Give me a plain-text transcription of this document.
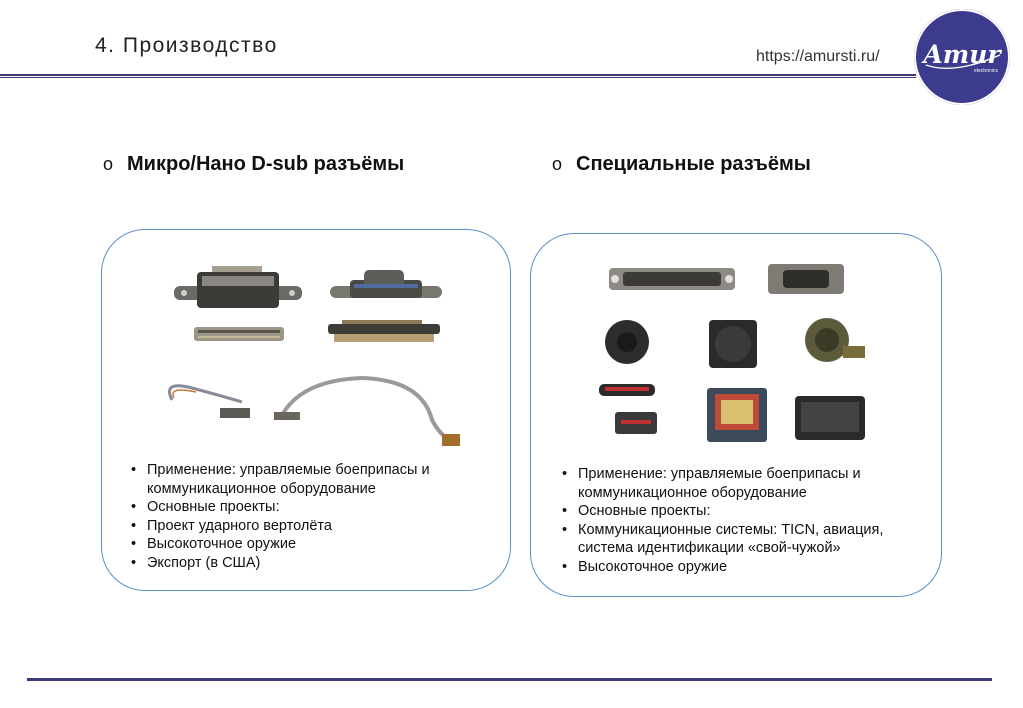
4. Производство	https://amursti.ru/ Amur
electronics
o Микро/Нано D-sub разъёмы	o Специальные разъёмы
• Применение: управляемые боеприпасы и коммуникационное оборудование
• Основные проекты:
• Проект ударного вертолёта
• Высокоточное оружие
• Экспорт (в США)
• Применение: управляемые боеприпасы и коммуникационное оборудование
• Основные проекты:
• Коммуникационные системы: TICN, авиация, система идентификации «свой-чужой»
• Высокоточное оружие
